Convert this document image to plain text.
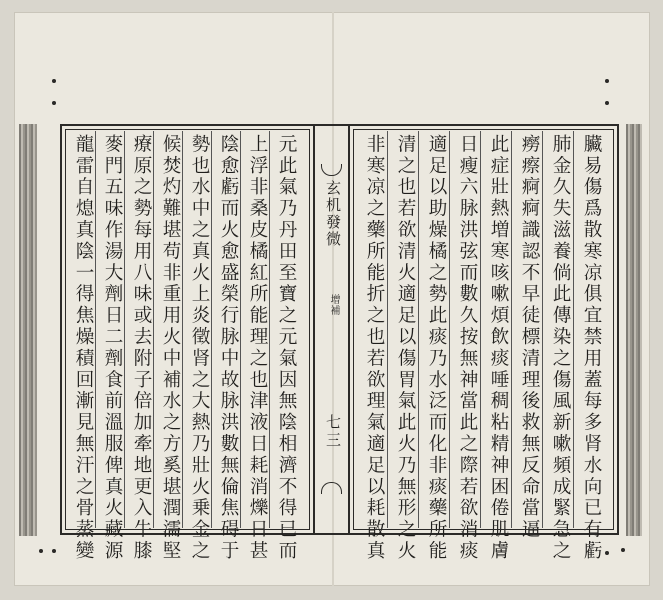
元此氣乃丹田至寶之元氣因無陰相濟不得已而
上浮非桑皮橘紅所能理之也津液日耗消爍日甚
陰愈虧而火愈盛榮行脉中故脉洪數無倫焦碍于
勢也水中之真火上炎徵肾之大熱乃壯火乗金之
候焚灼難堪苟非重用火中補水之方奚堪潤濡堅
療原之勢每用八味或去附子倍加牽地更入牛膝
麥門五味作湯大劑日二劑食前溫服俾真火藏源
龍雷自熄真陰一得焦燥積回漸見無汗之骨蒸變	玄机發微
增補
七三	臟易傷爲散寒凉俱宜禁用蓋每多肾水向已有虧
肺金久失滋養倘此傳染之傷風新嗽頻成緊急之
癆瘵痾痾識認不早徒標清理後救無反命當逼
此症壯熱増寒咳嗽煩飲痰唾稠粘精神困倦肌膚
日瘦六脉洪弦而數久按無神當此之際若欲消痰
適足以助燥橘之勢此痰乃水泛而化非痰藥所能
清之也若欲清火適足以傷胃氣此火乃無形之火
非寒凉之藥所能折之也若欲理氣適足以耗散真
